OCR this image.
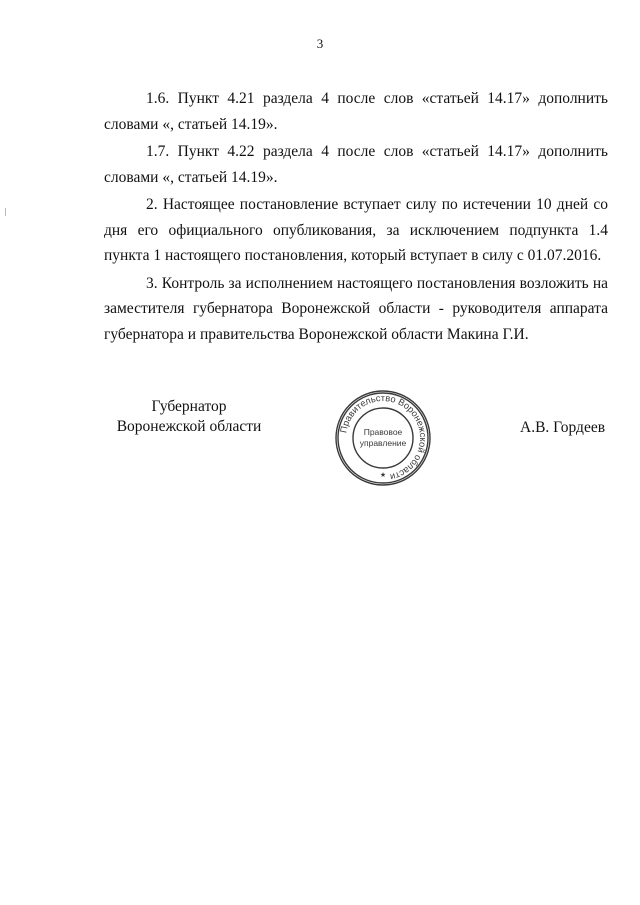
3

1.6. Пункт 4.21 раздела 4 после слов «статьей 14.17» дополнить словами «, статьей 14.19».

1.7. Пункт 4.22 раздела 4 после слов «статьей 14.17» дополнить словами «, статьей 14.19».

2. Настоящее постановление вступает силу по истечении 10 дней со дня его официального опубликования, за исключением подпункта 1.4 пункта 1 настоящего постановления, который вступает в силу с 01.07.2016.

3. Контроль за исполнением настоящего постановления возложить на заместителя губернатора Воронежской области - руководителя аппарата губернатора и правительства Воронежской области Макина Г.И.

Губернатор
Воронежской области	Правительство Воронежской области
Правовое
управление
★
А.В. Гордеев
